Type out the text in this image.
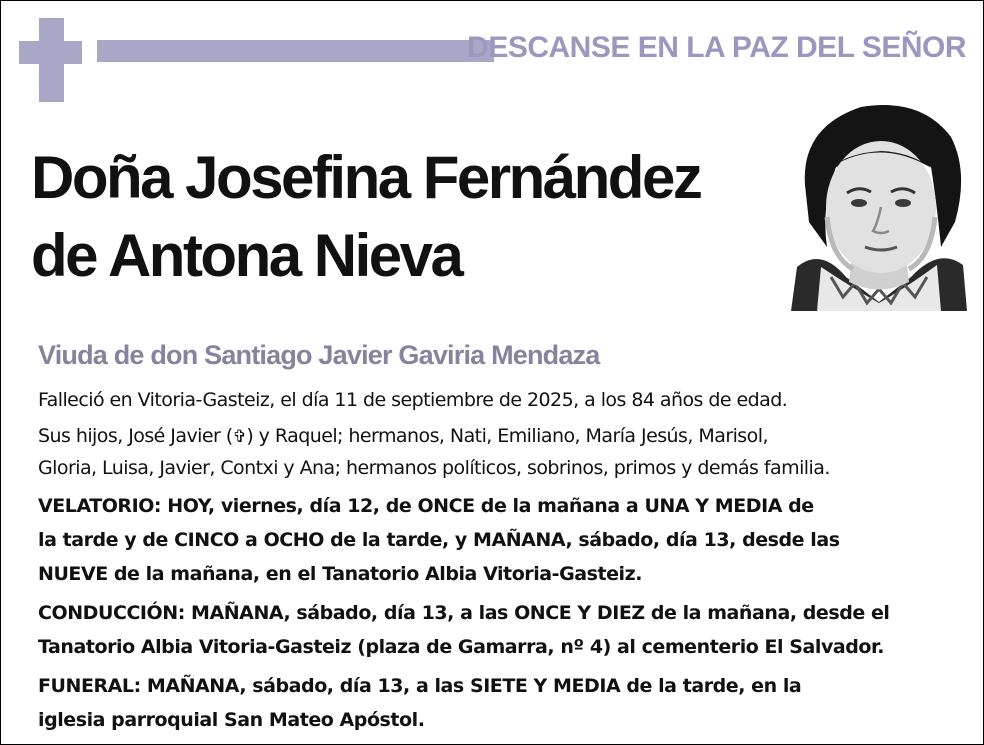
DESCANSE EN LA PAZ DEL SEÑOR
Doña Josefina Fernández
de Antona Nieva
Viuda de don Santiago Javier Gaviria Mendaza

Falleció en Vitoria-Gasteiz, el día 11 de septiembre de 2025, a los 84 años de edad.

Sus hijos, José Javier (✞) y Raquel; hermanos, Nati, Emiliano, María Jesús, Marisol,
Gloria, Luisa, Javier, Contxi y Ana; hermanos políticos, sobrinos, primos y demás familia.

VELATORIO: HOY, viernes, día 12, de ONCE de la mañana a UNA Y MEDIA de
la tarde y de CINCO a OCHO de la tarde, y MAÑANA, sábado, día 13, desde las
NUEVE de la mañana, en el Tanatorio Albia Vitoria-Gasteiz.

CONDUCCIÓN: MAÑANA, sábado, día 13, a las ONCE Y DIEZ de la mañana, desde el
Tanatorio Albia Vitoria-Gasteiz (plaza de Gamarra, nº 4) al cementerio El Salvador.

FUNERAL: MAÑANA, sábado, día 13, a las SIETE Y MEDIA de la tarde, en la
iglesia parroquial San Mateo Apóstol.
